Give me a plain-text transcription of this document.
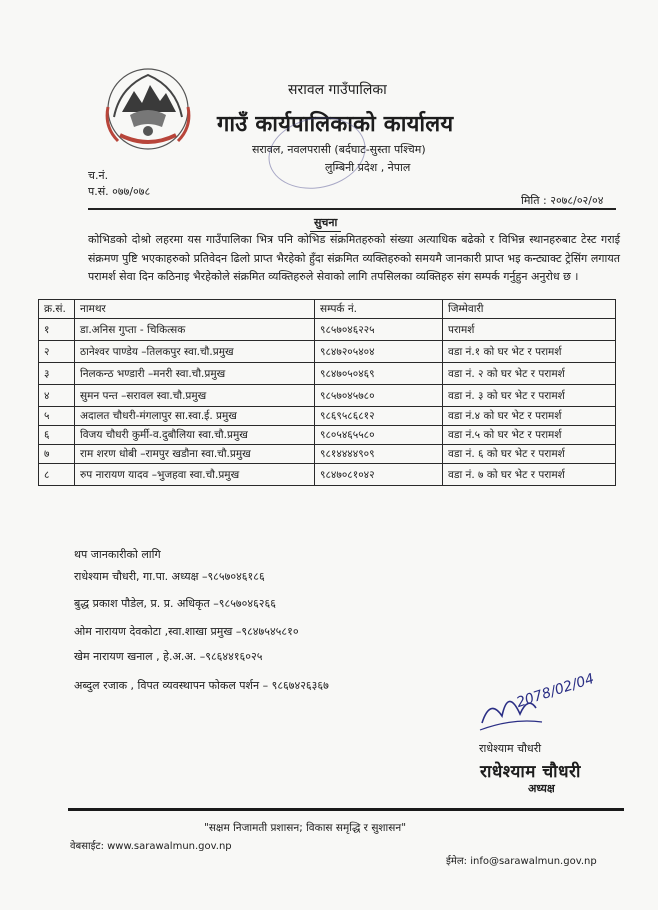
सरावल गाउँपालिका
गाउँ कार्यपालिकाको कार्यालय
सरावल, नवलपरासी (बर्दघाट-सुस्ता पश्चिम)
लुम्बिनी प्रदेश , नेपाल
च.नं.
प.सं. ०७७/०७८
मिति : २०७८/०२/०४
सुचना
कोभिडको दोश्रो लहरमा यस गाउँपालिका भित्र पनि कोभिड संक्रमितहरुको संख्या अत्याधिक बढेको र विभिन्न स्थानहरुबाट टेस्ट गराई संक्रमण पुष्टि भएकाहरुको प्रतिवेदन ढिलो प्राप्त भैरहेको हुँदा संक्रमित व्यक्तिहरुको समयमै जानकारी प्राप्त भइ कन्ट्याक्ट ट्रेसिंग लगायत परामर्श सेवा दिन कठिनाइ भैरहेकोले संक्रमित व्यक्तिहरुले सेवाको लागि तपसिलका व्यक्तिहरु संग सम्पर्क गर्नुहुन अनुरोध छ ।
क्र.सं.	नामथर	सम्पर्क नं.	जिम्मेवारी
१	डा.अनिस गुप्ता - चिकित्सक	९८५७०४६२२५	परामर्श
२	ठानेश्वर पाण्डेय –तिलकपुर स्वा.चौ.प्रमुख	९८४७२०५४०४	वडा नं.१ को घर भेट र परामर्श
३	निलकन्ठ भण्डारी –मनरी स्वा.चौ.प्रमुख	९८४७०५०४६९	वडा नं. २ को घर भेट र परामर्श
४	सुमन पन्त –सरावल स्वा.चौ.प्रमुख	९८५७०४५७८०	वडा नं. ३ को घर भेट र परामर्श
५	अदालत चौधरी-मंगलापुर सा.स्वा.ई. प्रमुख	९८६९५८६८१२	वडा नं.४ को घर भेट र परामर्श
६	विजय चौधरी कुर्मी-व.दुबौलिया स्वा.चौ.प्रमुख	९८०५४६५५८०	वडा नं.५ को घर भेट र परामर्श
७	राम शरण धोबी –रामपुर खडौना स्वा.चौ.प्रमुख	९८१४४४४९०९	वडा नं. ६ को घर भेट र परामर्श
८	रुप नारायण यादव –भुजहवा स्वा.चौ.प्रमुख	९८४७०८१०४२	वडा नं. ७ को घर भेट र परामर्श
थप जानकारीको लागि
राधेश्याम चौधरी, गा.पा. अध्यक्ष –९८५७०४६१८६
बुद्ध प्रकाश पौडेल, प्र. प्र. अधिकृत –९८५७०४६२६६
ओम नारायण देवकोटा ,स्वा.शाखा प्रमुख –९८४७५४५८१०
खेम नारायण खनाल , हे.अ.अ. –९८६४४१६०२५
अब्दुल रजाक , विपत व्यवस्थापन फोकल पर्शन – ९८६७४२६३६७	2078/02/04
राधेश्याम चौधरी
राधेश्याम चौधरी
अध्यक्ष
"सक्षम निजामती प्रशासन; विकास समृद्धि र सुशासन"
वेबसाईट: www.sarawalmun.gov.np
ईमेल: info@sarawalmun.gov.np
